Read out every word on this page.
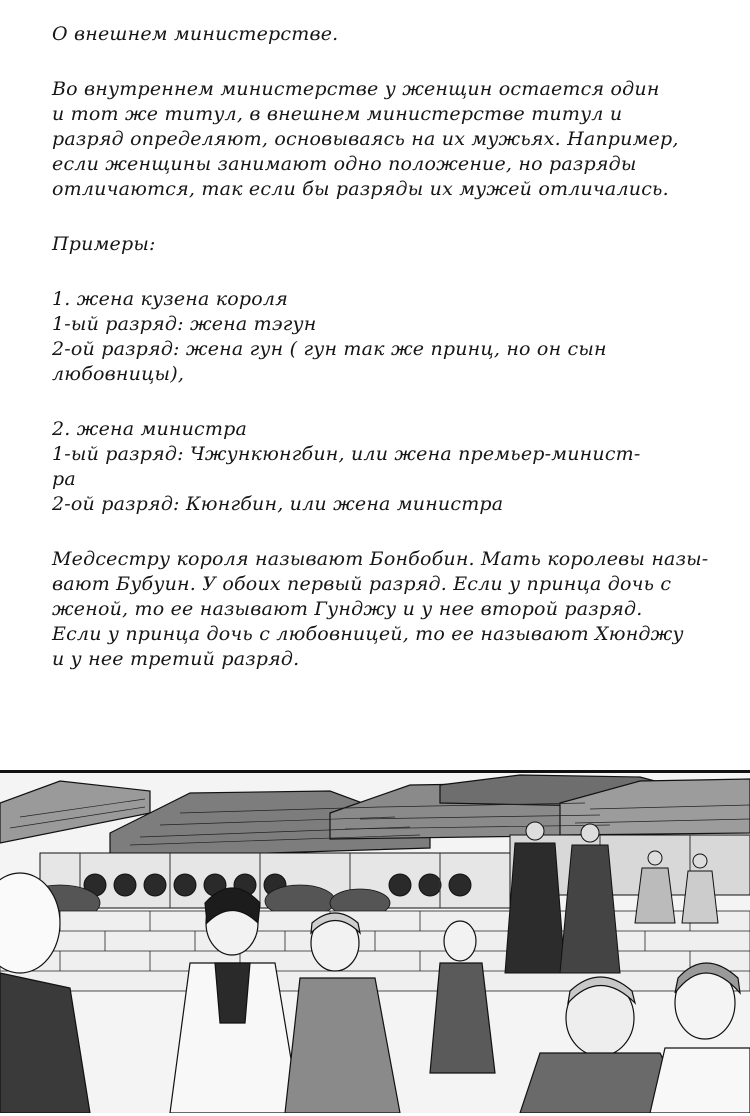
О внешнем министерстве.
Во внутреннем министерстве у женщин остается один
и тот же титул, в внешнем министерстве титул и
разряд определяют, основываясь на их мужьях. Например,
если женщины занимают одно положение, но разряды
отличаются, так если бы разряды их мужей отличались.
Примеры:
1. жена кузена короля
1-ый разряд: жена тэгун
2-ой разряд: жена гун ( гун так же принц, но он сын
любовницы),
2. жена министра
1-ый разряд: Чжункюнгбин, или жена премьер-минист-
ра
2-ой разряд: Кюнгбин, или жена министра
Медсестру короля называют Бонбобин. Мать королевы назы-
вают Бубуин. У обоих первый разряд. Если у принца дочь с
женой, то ее называют Гунджу и у нее второй разряд.
Если у принца дочь с любовницей, то ее называют Хюнджу
и у нее третий разряд.
